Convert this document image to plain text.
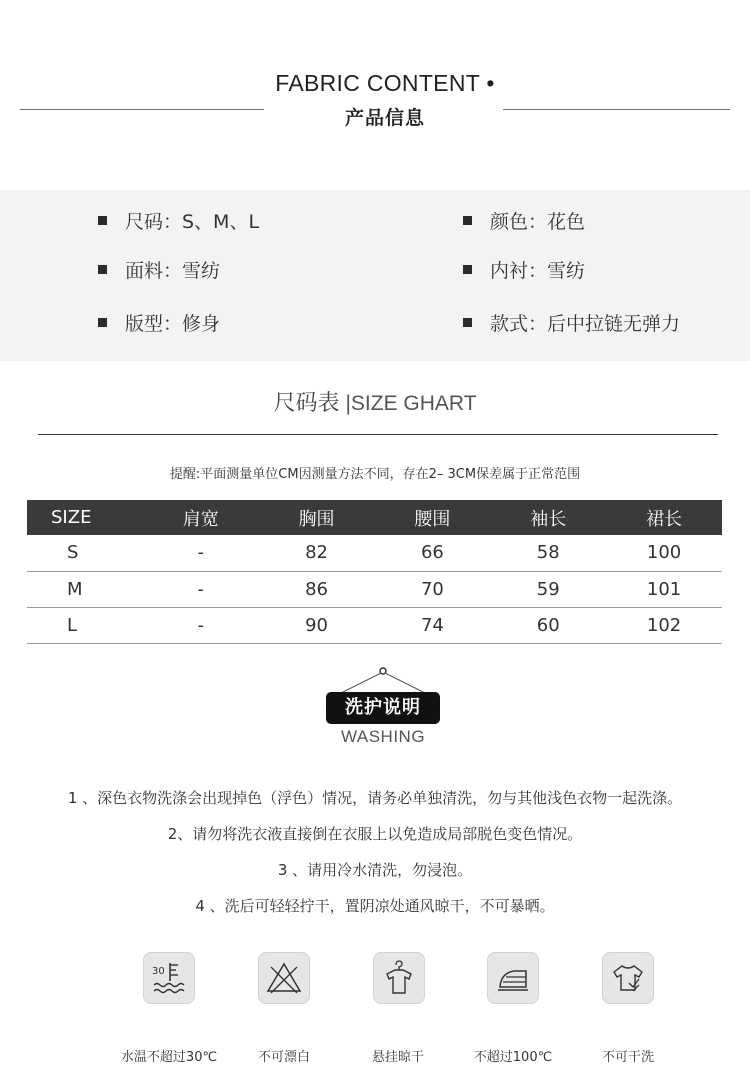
FABRIC CONTENT •
产品信息
尺码：S、M、L	颜色：花色
面料：雪纺	内衬：雪纺
版型：修身	款式：后中拉链无弹力
尺码表 |SIZE GHART
提醒:平面测量单位CM因测量方法不同，存在2– 3CM保差属于正常范围
SIZE	肩宽	胸围	腰围	袖长	裙长
S	-	82	66	58	100
M	-	86	70	59	101
L	-	90	74	60	102
洗护说明
WASHING
1 、深色衣物洗涤会出现掉色（浮色）情况，请务必单独清洗，勿与其他浅色衣物一起洗涤。
2、请勿将洗衣液直接倒在衣服上以免造成局部脱色变色情况。
3 、请用冷水清洗，勿浸泡。
4 、洗后可轻轻拧干，置阴凉处通风晾干，不可暴晒。
30
水温不超过30℃	不可漂白	悬挂晾干	不超过100℃	不可干洗
